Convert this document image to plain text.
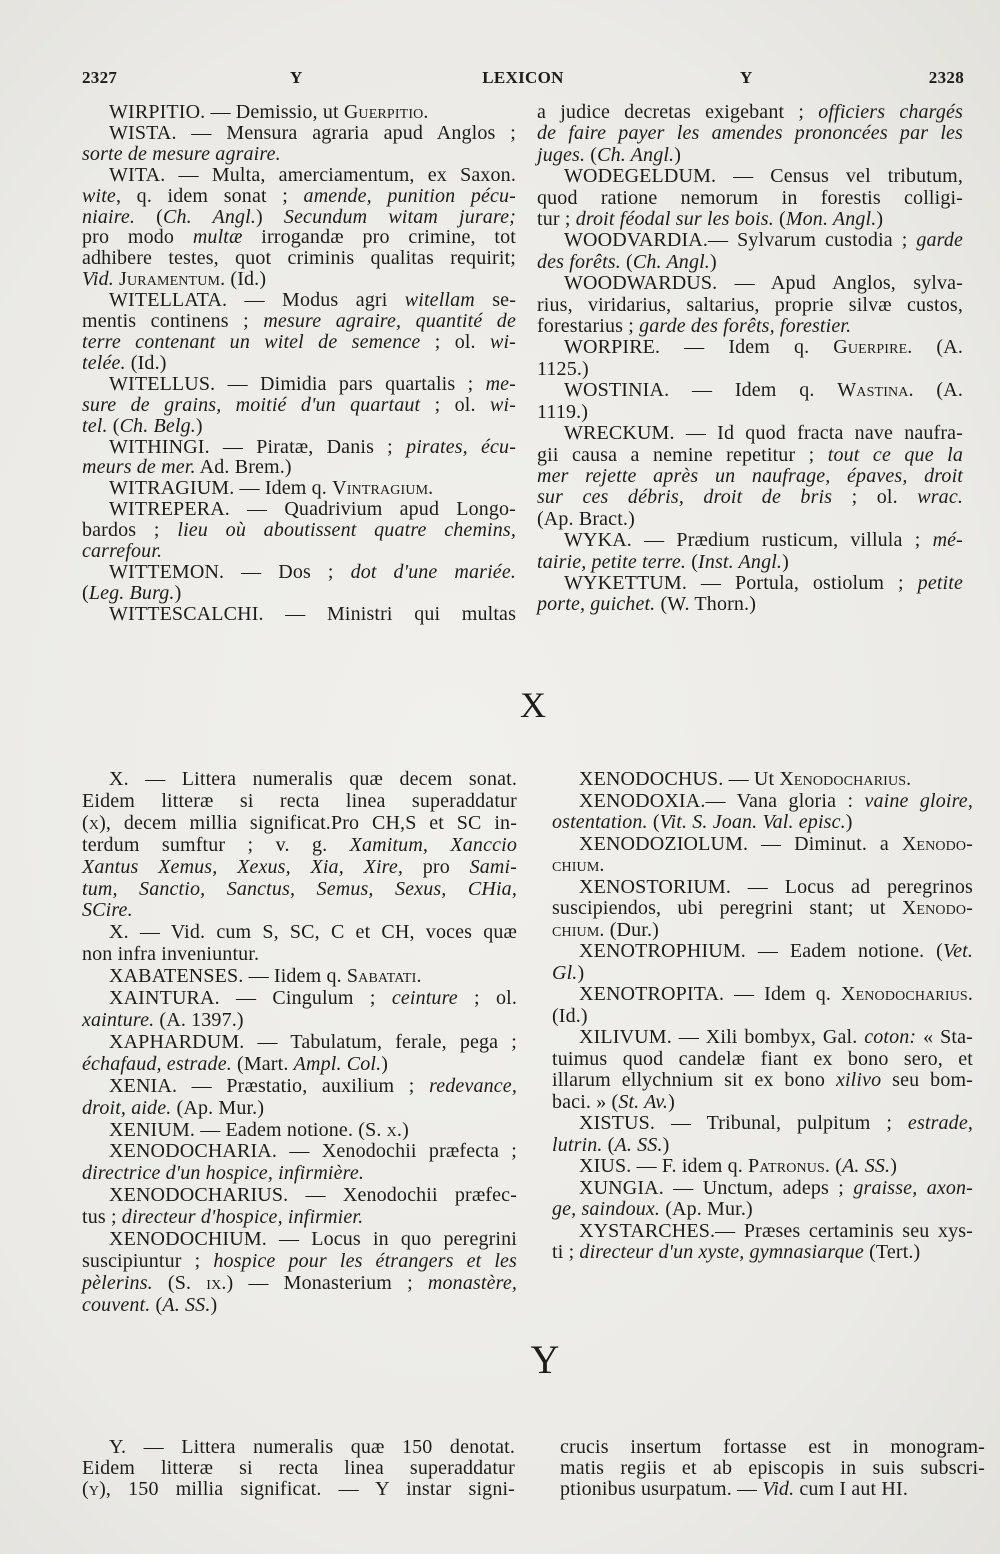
2327	Y	LEXICON	Y	2328
WIRPITIO. — Demissio, ut Guerpitio.
WISTA. — Mensura agraria apud Anglos ;
sorte de mesure agraire.
WITA. — Multa, amerciamentum, ex Saxon.
wite, q. idem sonat ; amende, punition pécu-
niaire. (Ch. Angl.) Secundum witam jurare;
pro modo multæ irrogandæ pro crimine, tot
adhibere testes, quot criminis qualitas requirit;
Vid. Juramentum. (Id.)
WITELLATA. — Modus agri witellam se-
mentis continens ; mesure agraire, quantité de
terre contenant un witel de semence ; ol. wi-
telée. (Id.)
WITELLUS. — Dimidia pars quartalis ; me-
sure de grains, moitié d'un quartaut ; ol. wi-
tel. (Ch. Belg.)
WITHINGI. — Piratæ, Danis ; pirates, écu-
meurs de mer. Ad. Brem.)
WITRAGIUM. — Idem q. Vintragium.
WITREPERA. — Quadrivium apud Longo-
bardos ; lieu où aboutissent quatre chemins,
carrefour.
WITTEMON. — Dos ; dot d'une mariée.
(Leg. Burg.)
WITTESCALCHI. — Ministri qui multas
a judice decretas exigebant ; officiers chargés
de faire payer les amendes prononcées par les
juges. (Ch. Angl.)
WODEGELDUM. — Census vel tributum,
quod ratione nemorum in forestis colligi-
tur ; droit féodal sur les bois. (Mon. Angl.)
WOODVARDIA.— Sylvarum custodia ; garde
des forêts. (Ch. Angl.)
WOODWARDUS. — Apud Anglos, sylva-
rius, viridarius, saltarius, proprie silvæ custos,
forestarius ; garde des forêts, forestier.
WORPIRE. — Idem q. Guerpire. (A.
1125.)
WOSTINIA. — Idem q. Wastina. (A.
1119.)
WRECKUM. — Id quod fracta nave naufra-
gii causa a nemine repetitur ; tout ce que la
mer rejette après un naufrage, épaves, droit
sur ces débris, droit de bris ; ol. wrac.
(Ap. Bract.)
WYKA. — Prædium rusticum, villula ; mé-
tairie, petite terre. (Inst. Angl.)
WYKETTUM. — Portula, ostiolum ; petite
porte, guichet. (W. Thorn.)
X
X. — Littera numeralis quæ decem sonat.
Eidem litteræ si recta linea superaddatur
(x), decem millia significat.Pro CH,S et SC in-
terdum sumftur ; v. g. Xamitum, Xanccio
Xantus Xemus, Xexus, Xia, Xire, pro Sami-
tum, Sanctio, Sanctus, Semus, Sexus, CHia,
SCire.
X. — Vid. cum S, SC, C et CH, voces quæ
non infra inveniuntur.
XABATENSES. — Iidem q. Sabatati.
XAINTURA. — Cingulum ; ceinture ; ol.
xainture. (A. 1397.)
XAPHARDUM. — Tabulatum, ferale, pega ;
échafaud, estrade. (Mart. Ampl. Col.)
XENIA. — Præstatio, auxilium ; redevance,
droit, aide. (Ap. Mur.)
XENIUM. — Eadem notione. (S. x.)
XENODOCHARIA. — Xenodochii præfecta ;
directrice d'un hospice, infirmière.
XENODOCHARIUS. — Xenodochii præfec-
tus ; directeur d'hospice, infirmier.
XENODOCHIUM. — Locus in quo peregrini
suscipiuntur ; hospice pour les étrangers et les
pèlerins. (S. ix.) — Monasterium ; monastère,
couvent. (A. SS.)
XENODOCHUS. — Ut Xenodocharius.
XENODOXIA.— Vana gloria : vaine gloire,
ostentation. (Vit. S. Joan. Val. episc.)
XENODOZIOLUM. — Diminut. a Xenodo-
chium.
XENOSTORIUM. — Locus ad peregrinos
suscipiendos, ubi peregrini stant; ut Xenodo-
chium. (Dur.)
XENOTROPHIUM. — Eadem notione. (Vet.
Gl.)
XENOTROPITA. — Idem q. Xenodocharius.
(Id.)
XILIVUM. — Xili bombyx, Gal. coton: « Sta-
tuimus quod candelæ fiant ex bono sero, et
illarum ellychnium sit ex bono xilivo seu bom-
baci. » (St. Av.)
XISTUS. — Tribunal, pulpitum ; estrade,
lutrin. (A. SS.)
XIUS. — F. idem q. Patronus. (A. SS.)
XUNGIA. — Unctum, adeps ; graisse, axon-
ge, saindoux. (Ap. Mur.)
XYSTARCHES.— Præses certaminis seu xys-
ti ; directeur d'un xyste, gymnasiarque (Tert.)
Y
Y. — Littera numeralis quæ 150 denotat.
Eidem litteræ si recta linea superaddatur
(y), 150 millia significat. — Y instar signi-
crucis insertum fortasse est in monogram-
matis regiis et ab episcopis in suis subscri-
ptionibus usurpatum. — Vid. cum I aut HI.
